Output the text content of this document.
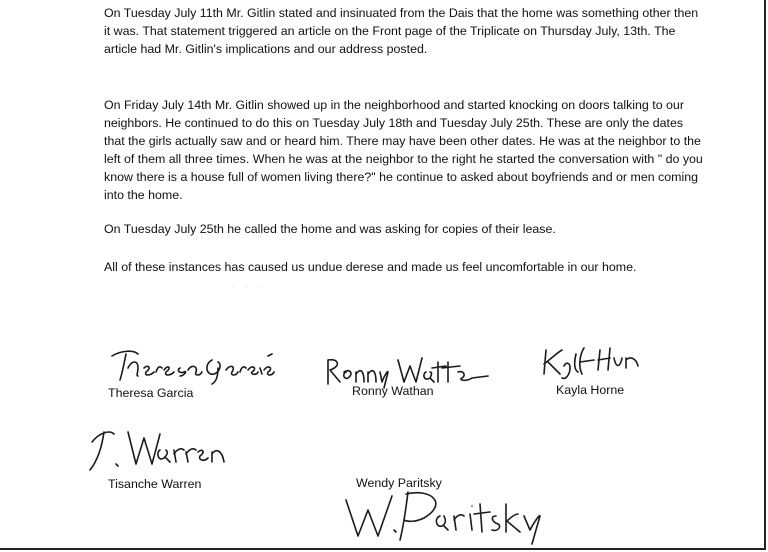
On Tuesday July 11th Mr. Gitlin stated and insinuated from the Dais that the home was something other then it was. That statement triggered an article on the Front page of the Triplicate on Thursday July, 13th. The article had Mr. Gitlin's implications and our address posted.

On Friday July 14th Mr. Gitlin showed up in the neighborhood and started knocking on doors talking to our neighbors. He continued to do this on Tuesday July 18th and Tuesday July 25th. These are only the dates that the girls actually saw and or heard him. There may have been other dates. He was at the neighbor to the left of them all three times. When he was at the neighbor to the right he started the conversation with " do you know there is a house full of women living there?" he continue to asked about boyfriends and or men coming into the home.

On Tuesday July 25th he called the home and was asking for copies of their lease.

All of these instances has caused us undue derese and made us feel uncomfortable in our home.

· · ·
Theresa Garcia	Ronny Wathan	Kayla Horne
Tisanche Warren	Wendy Paritsky
